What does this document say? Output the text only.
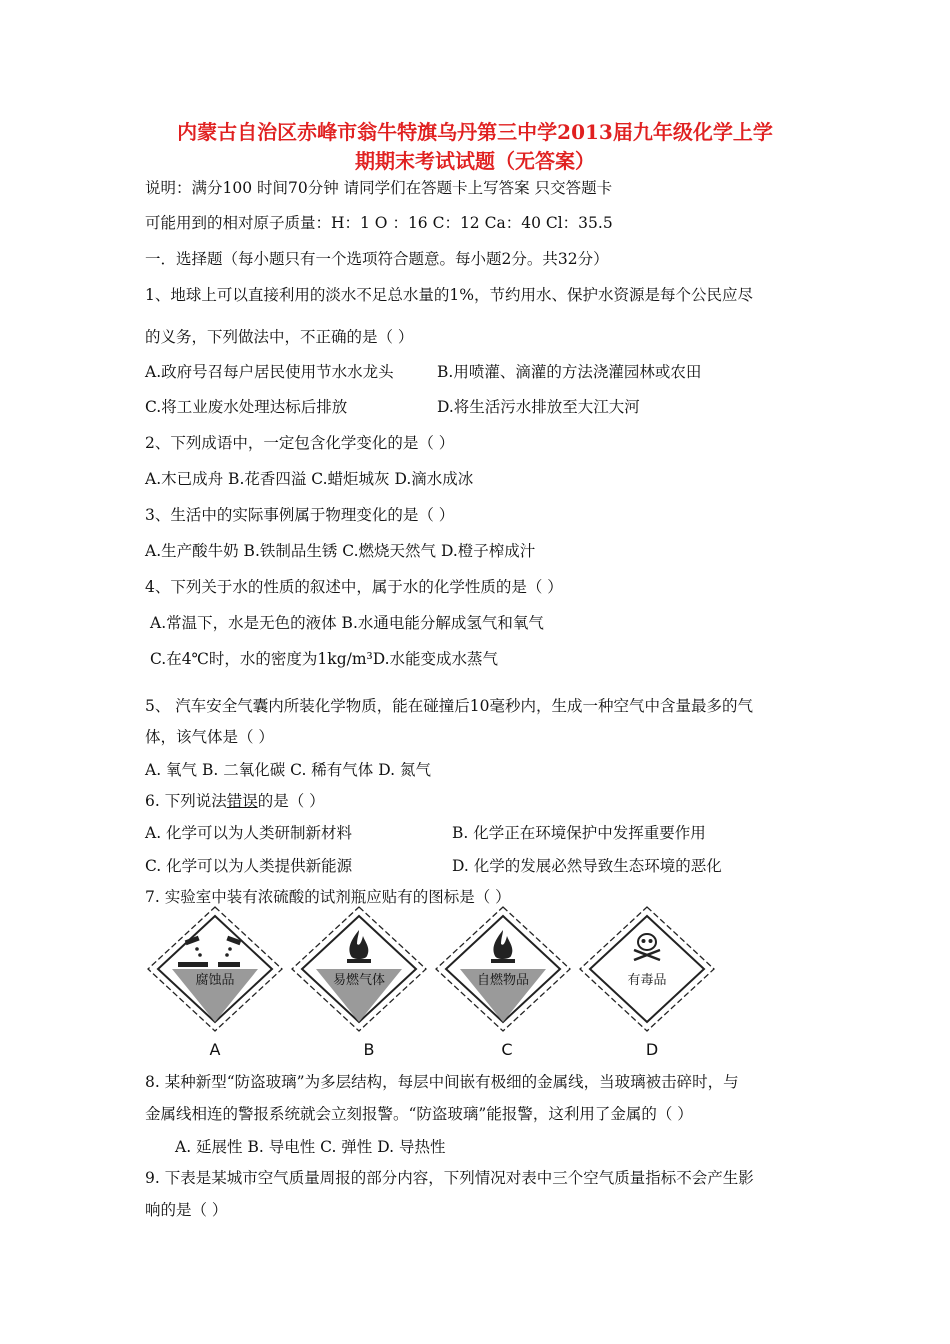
内蒙古自治区赤峰市翁牛特旗乌丹第三中学2013届九年级化学上学
期期末考试试题（无答案）
说明：满分100 时间70分钟 请同学们在答题卡上写答案 只交答题卡
可能用到的相对原子质量：H：1 O ：16 C：12 Ca：40 Cl：35.5
一．选择题（每小题只有一个选项符合题意。每小题2分。共32分）
1、地球上可以直接利用的淡水不足总水量的1%，节约用水、保护水资源是每个公民应尽
的义务，下列做法中，不正确的是（ ）
A.政府号召每户居民使用节水水龙头	B.用喷灌、滴灌的方法浇灌园林或农田
C.将工业废水处理达标后排放	D.将生活污水排放至大江大河
2、下列成语中，一定包含化学变化的是（ ）
A.木已成舟 B.花香四溢 C.蜡炬城灰 D.滴水成冰
3、生活中的实际事例属于物理变化的是（ ）
A.生产酸牛奶 B.铁制品生锈 C.燃烧天然气 D.橙子榨成汁
4、下列关于水的性质的叙述中，属于水的化学性质的是（ ）
A.常温下，水是无色的液体 B.水通电能分解成氢气和氧气
C.在4℃时，水的密度为1kg/m³D.水能变成水蒸气
5、 汽车安全气囊内所装化学物质，能在碰撞后10毫秒内，生成一种空气中含量最多的气
体，该气体是（ ）
A. 氧气 B. 二氧化碳 C. 稀有气体 D. 氮气
6. 下列说法错误的是（ ）
A. 化学可以为人类研制新材料	B. 化学正在环境保护中发挥重要作用
C. 化学可以为人类提供新能源	D. 化学的发展必然导致生态环境的恶化
7. 实验室中装有浓硫酸的试剂瓶应贴有的图标是（ ）
腐蚀品
A
易燃气体
B
自燃物品
C
有毒品
D
8. 某种新型“防盗玻璃”为多层结构，每层中间嵌有极细的金属线，当玻璃被击碎时，与
金属线相连的警报系统就会立刻报警。“防盗玻璃”能报警，这利用了金属的（ ）
A. 延展性 B. 导电性 C. 弹性 D. 导热性
9. 下表是某城市空气质量周报的部分内容，下列情况对表中三个空气质量指标不会产生影
响的是（ ）
